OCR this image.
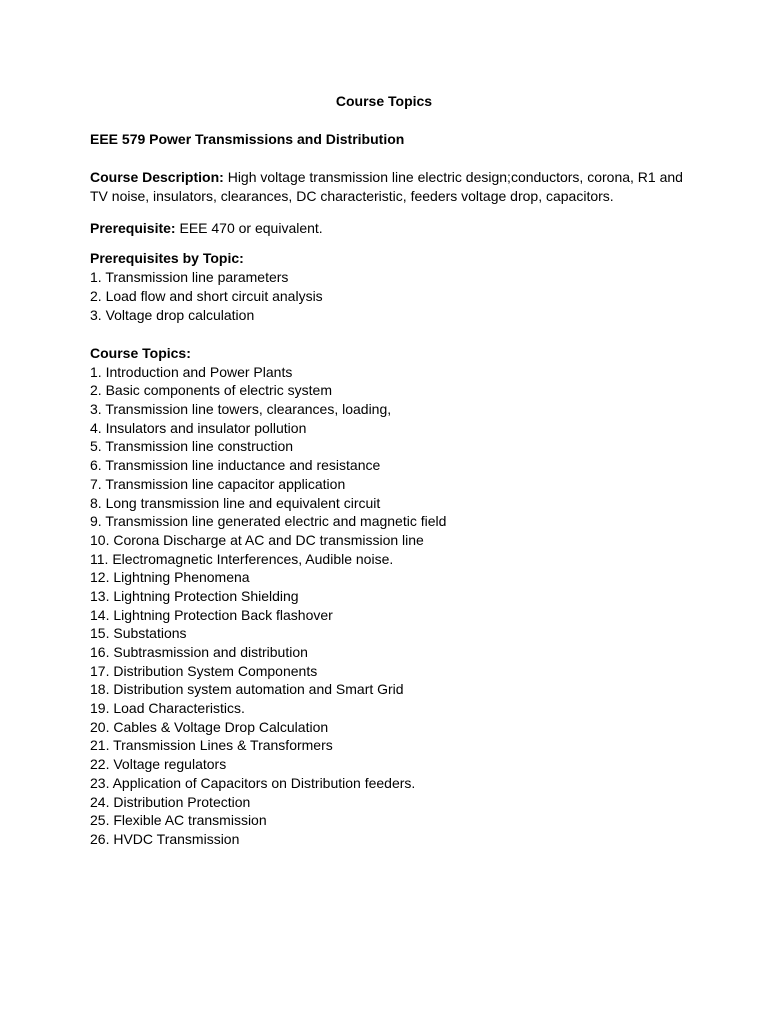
Course Topics
EEE 579 Power Transmissions and Distribution
Course Description: High voltage transmission line electric design;conductors, corona, R1 and TV noise, insulators, clearances, DC characteristic, feeders voltage drop, capacitors.
Prerequisite: EEE 470 or equivalent.
Prerequisites by Topic:
1. Transmission line parameters
2. Load flow and short circuit analysis
3. Voltage drop calculation
Course Topics:
1. Introduction and Power Plants
2. Basic components of electric system
3. Transmission line towers, clearances, loading,
4. Insulators and insulator pollution
5. Transmission line construction
6. Transmission line inductance and resistance
7. Transmission line capacitor application
8. Long transmission line and equivalent circuit
9. Transmission line generated electric and magnetic field
10. Corona Discharge at AC and DC transmission line
11. Electromagnetic Interferences, Audible noise.
12. Lightning Phenomena
13. Lightning Protection Shielding
14. Lightning Protection Back flashover
15. Substations
16. Subtrasmission and distribution
17. Distribution System Components
18. Distribution system automation and Smart Grid
19. Load Characteristics.
20. Cables & Voltage Drop Calculation
21. Transmission Lines & Transformers
22. Voltage regulators
23. Application of Capacitors on Distribution feeders.
24. Distribution Protection
25. Flexible AC transmission
26. HVDC Transmission
